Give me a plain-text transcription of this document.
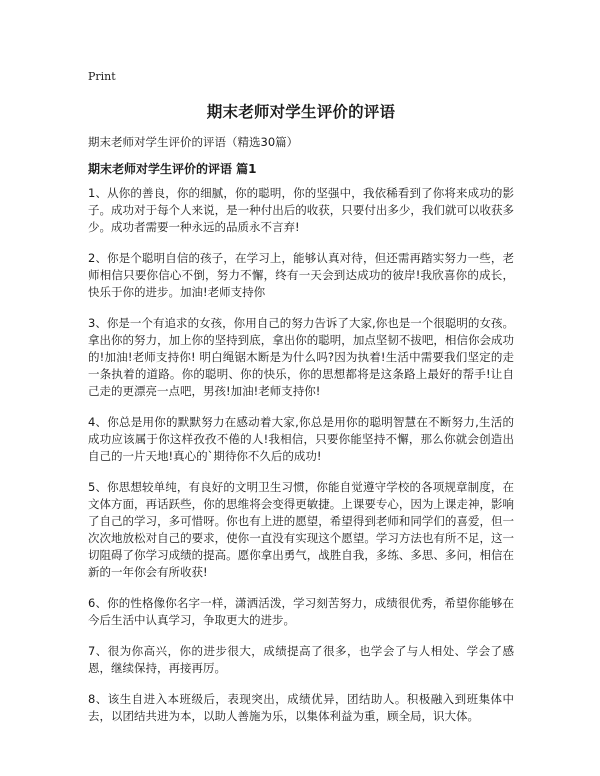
Print
期末老师对学生评价的评语

期末老师对学生评价的评语（精选30篇）

期末老师对学生评价的评语 篇1

1、从你的善良，你的细腻，你的聪明，你的坚强中，我依稀看到了你将来成功的影子。成功对于每个人来说，是一种付出后的收获，只要付出多少，我们就可以收获多少。成功者需要一种永远的品质永不言弃!

2、你是个聪明自信的孩子，在学习上，能够认真对待，但还需再踏实努力一些，老师相信只要你信心不倒，努力不懈，终有一天会到达成功的彼岸!我欣喜你的成长，快乐于你的进步。加油!老师支持你

3、你是一个有追求的女孩，你用自己的努力告诉了大家,你也是一个很聪明的女孩。拿出你的努力，加上你的坚持到底，拿出你的聪明，加点坚韧不拔吧，相信你会成功的!加油!老师支持你! 明白绳锯木断是为什么吗?因为执着!生活中需要我们坚定的走一条执着的道路。你的聪明、你的快乐，你的思想都将是这条路上最好的帮手!让自己走的更漂亮一点吧，男孩!加油!老师支持你!

4、你总是用你的默默努力在感动着大家,你总是用你的聪明智慧在不断努力,生活的成功应该属于你这样孜孜不倦的人!我相信，只要你能坚持不懈，那么你就会创造出自己的一片天地!真心的`期待你不久后的成功!

5、你思想较单纯，有良好的文明卫生习惯，你能自觉遵守学校的各项规章制度，在文体方面，再话跃些，你的思维将会变得更敏捷。上课要专心，因为上课走神，影响了自己的学习，多可惜呀。你也有上进的愿望，希望得到老师和同学们的喜爱，但一次次地放松对自己的要求，使你一直没有实现这个愿望。学习方法也有所不足，这一切阻碍了你学习成绩的提高。愿你拿出勇气，战胜自我，多练、多思、多问，相信在新的一年你会有所收获!

6、你的性格像你名字一样，潇洒活泼，学习刻苦努力，成绩很优秀，希望你能够在今后生活中认真学习，争取更大的进步。

7、很为你高兴，你的进步很大，成绩提高了很多，也学会了与人相处、学会了感恩，继续保持，再接再厉。

8、该生自进入本班级后，表现突出，成绩优异，团结助人。积极融入到班集体中去，以团结共进为本，以助人善施为乐，以集体利益为重，顾全局，识大体。
